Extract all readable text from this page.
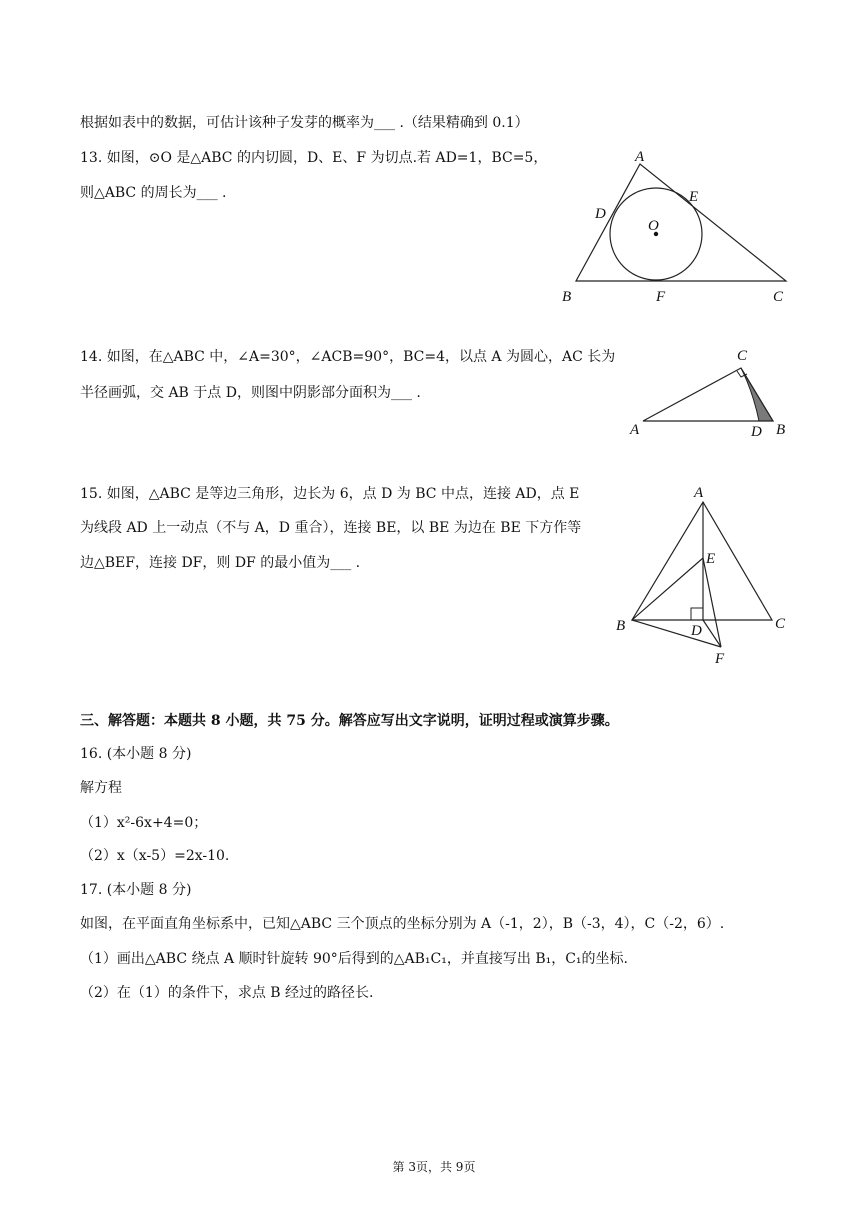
根据如表中的数据，可估计该种子发芽的概率为___ .（结果精确到 0.1）
13. 如图，⊙O 是△ABC 的内切圆，D、E、F 为切点.若 AD=1，BC=5，
则△ABC 的周长为___ .
A
E
D
O
B	F	C
14. 如图，在△ABC 中，∠A=30°，∠ACB=90°，BC=4，以点 A 为圆心，AC 长为
半径画弧，交 AB 于点 D，则图中阴影部分面积为___ .
C
A	D B
15. 如图，△ABC 是等边三角形，边长为 6，点 D 为 BC 中点，连接 AD，点 E
为线段 AD 上一动点（不与 A，D 重合），连接 BE，以 BE 为边在 BE 下方作等
边△BEF，连接 DF，则 DF 的最小值为___ .
A
E
B	D	C
F
三、解答题：本题共 8 小题，共 75 分。解答应写出文字说明，证明过程或演算步骤。
16. (本小题 8 分)
解方程
（1）x²-6x+4=0；
（2）x（x-5）=2x-10.
17. (本小题 8 分)
如图，在平面直角坐标系中，已知△ABC 三个顶点的坐标分别为 A（-1，2），B（-3，4），C（-2，6）.
（1）画出△ABC 绕点 A 顺时针旋转 90°后得到的△AB₁C₁，并直接写出 B₁，C₁的坐标.
（2）在（1）的条件下，求点 B 经过的路径长.
第 3页，共 9页
